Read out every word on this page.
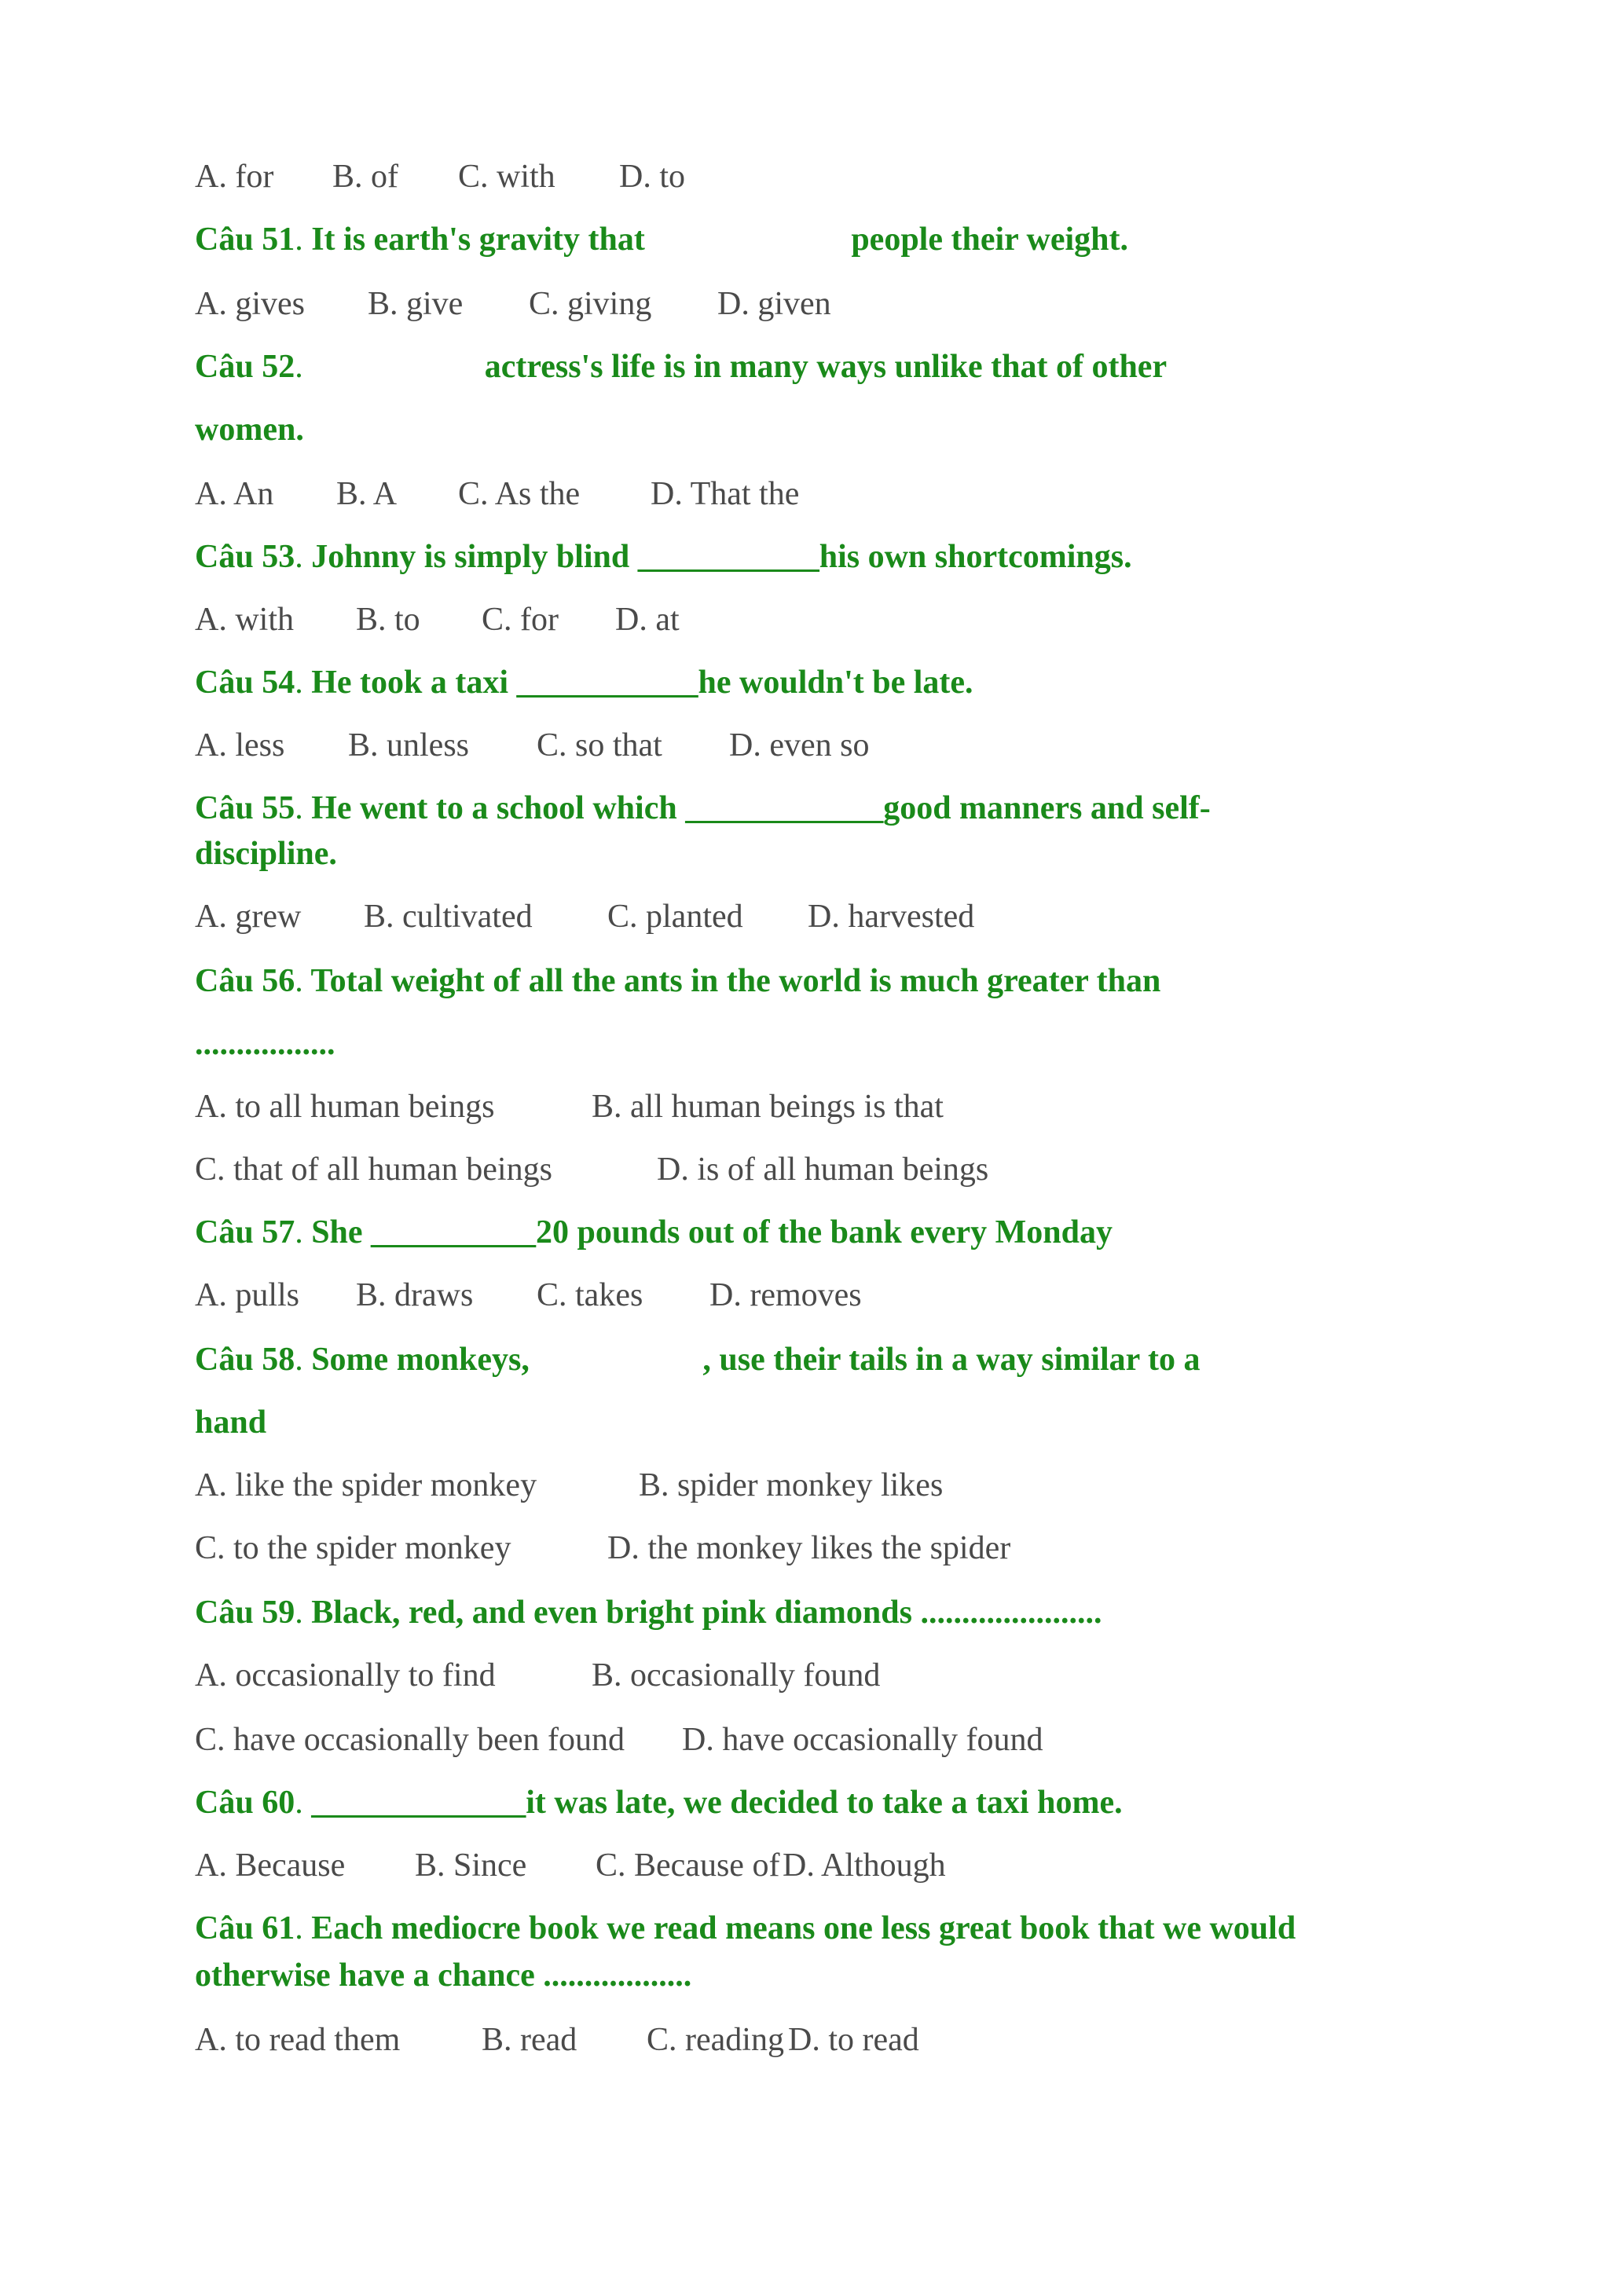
A. for B. of C. with D. to
Câu 51. It is earth's gravity that                         people their weight.
A. gives B. give C. giving D. given
Câu 52.                      actress's life is in many ways unlike that of other
women.
A. An B. A C. As the D. That the
Câu 53. Johnny is simply blind ___________his own shortcomings.
A. with B. to C. for D. at
Câu 54. He took a taxi ___________he wouldn't be late.
A. less B. unless C. so that D. even so
Câu 55. He went to a school which ____________good manners and self-
discipline.
A. grew B. cultivated C. planted D. harvested
Câu 56. Total weight of all the ants in the world is much greater than
.................
A. to all human beings	B. all human beings is that
C. that of all human beings	D. is of all human beings
Câu 57. She __________20 pounds out of the bank every Monday
A. pulls B. draws C. takes D. removes
Câu 58. Some monkeys,                     , use their tails in a way similar to a
hand
A. like the spider monkey	B. spider monkey likes
C. to the spider monkey	D. the monkey likes the spider
Câu 59. Black, red, and even bright pink diamonds ......................
A. occasionally to find	B. occasionally found
C. have occasionally been found D. have occasionally found
Câu 60. _____________it was late, we decided to take a taxi home.
A. Because B. Since C. Because of D. Although
Câu 61. Each mediocre book we read means one less great book that we would
otherwise have a chance ..................
A. to read them B. read C. reading D. to read
